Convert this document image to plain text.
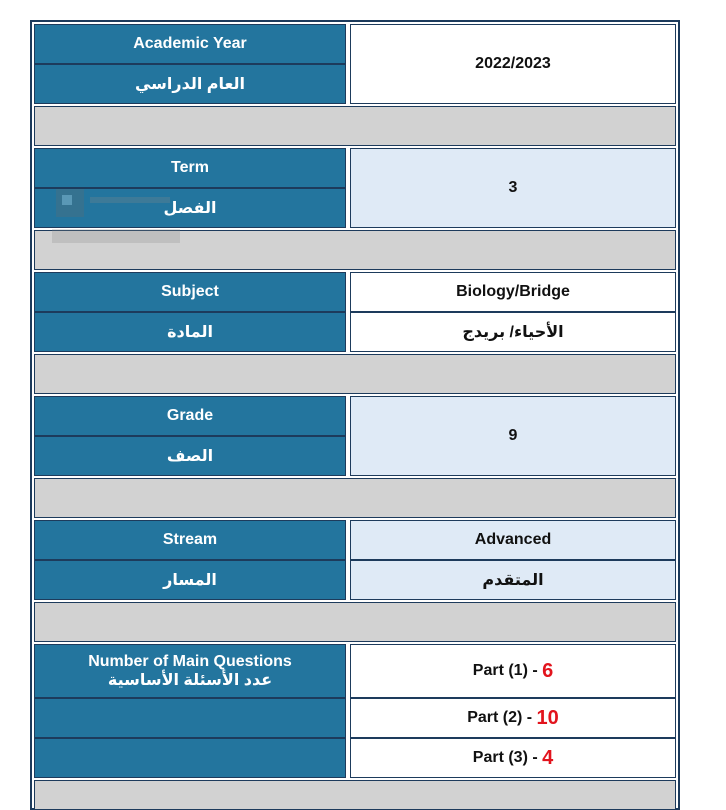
Academic Year
العام الدراسي
2022/2023
Term
الفصل
3
Subject
المادة
Biology/Bridge
الأحياء/ بريدج
Grade
الصف
9
Stream
المسار
Advanced
المتقدم
Number of Main Questions
عدد الأسئلة الأساسية
Part (1) - 6
Part (2) - 10
Part (3) - 4
